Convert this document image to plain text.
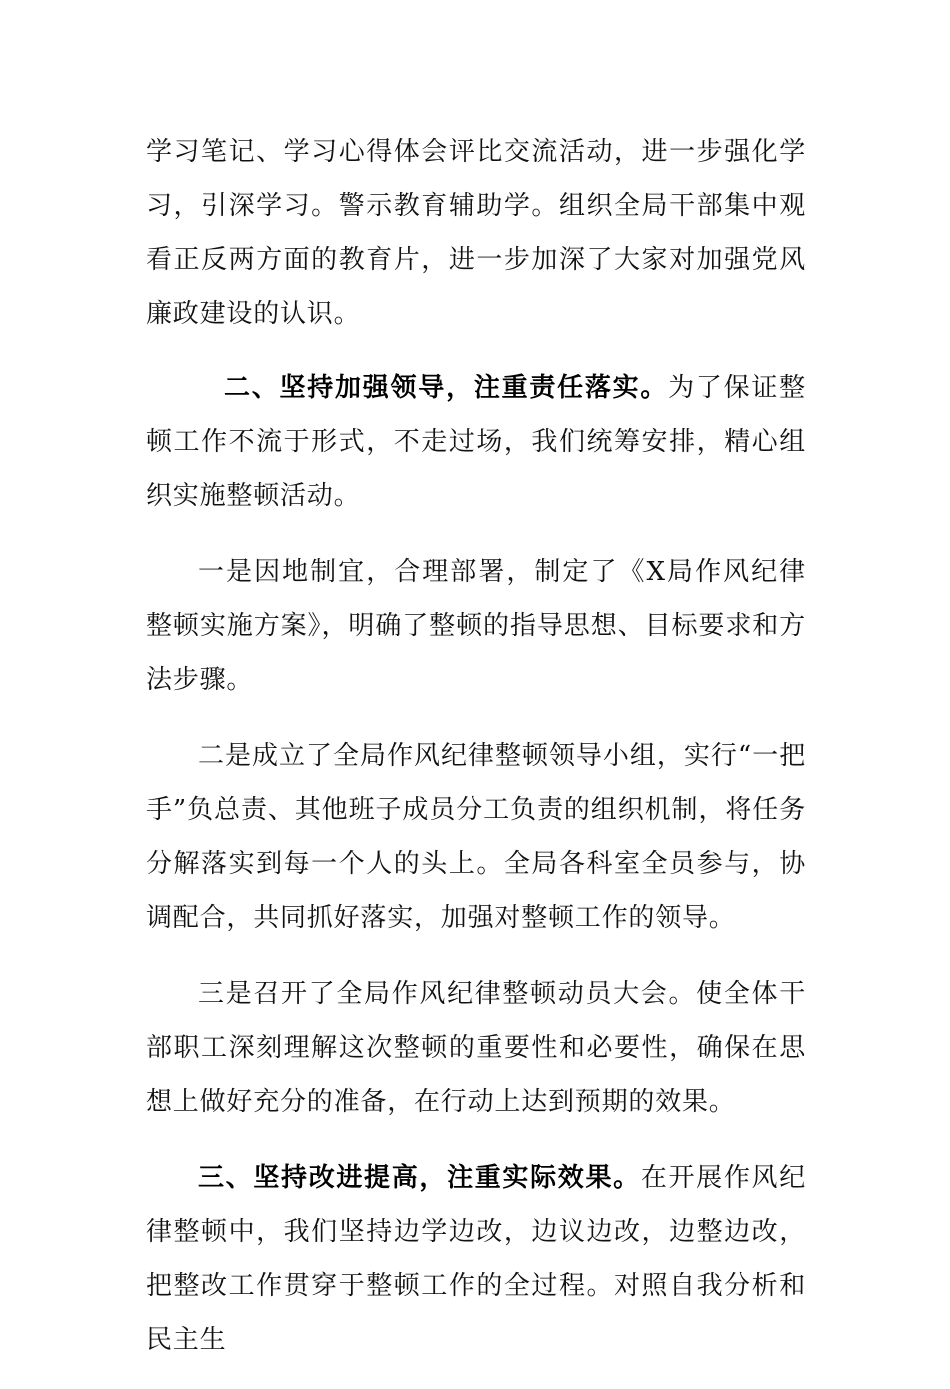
学习笔记、学习心得体会评比交流活动，进一步强化学习，引深学习。警示教育辅助学。组织全局干部集中观看正反两方面的教育片，进一步加深了大家对加强党风廉政建设的认识。

二、坚持加强领导，注重责任落实。为了保证整顿工作不流于形式，不走过场，我们统筹安排，精心组织实施整顿活动。

一是因地制宜，合理部署，制定了《X局作风纪律整顿实施方案》，明确了整顿的指导思想、目标要求和方法步骤。

二是成立了全局作风纪律整顿领导小组，实行“一把手”负总责、其他班子成员分工负责的组织机制，将任务分解落实到每一个人的头上。全局各科室全员参与，协调配合，共同抓好落实，加强对整顿工作的领导。

三是召开了全局作风纪律整顿动员大会。使全体干部职工深刻理解这次整顿的重要性和必要性，确保在思想上做好充分的准备，在行动上达到预期的效果。

三、坚持改进提高，注重实际效果。在开展作风纪律整顿中，我们坚持边学边改，边议边改，边整边改，把整改工作贯穿于整顿工作的全过程。对照自我分析和民主生
